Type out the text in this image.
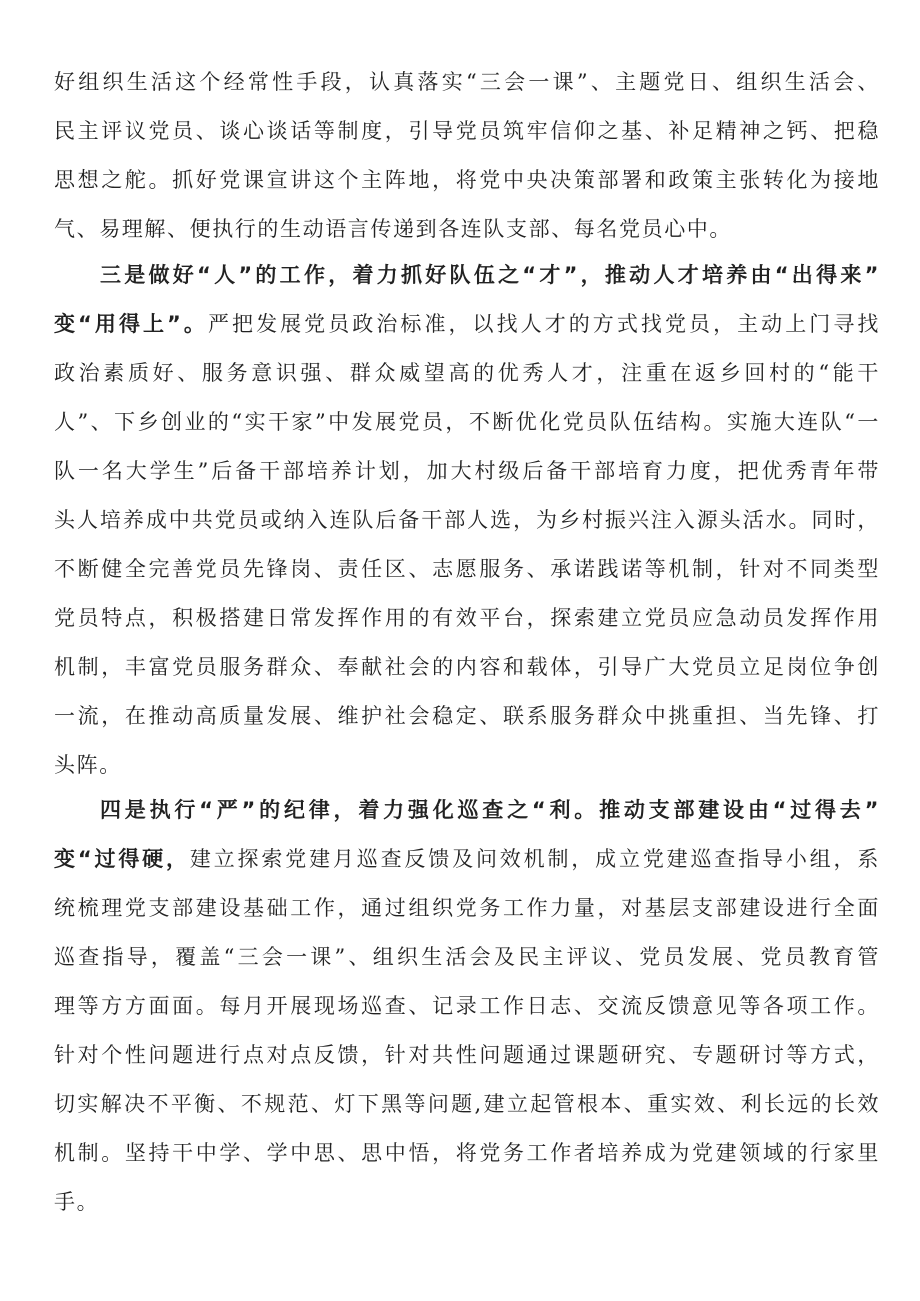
好组织生活这个经常性手段，认真落实“三会一课”、主题党日、组织生活会、
民主评议党员、谈心谈话等制度，引导党员筑牢信仰之基、补足精神之钙、把稳
思想之舵。抓好党课宣讲这个主阵地，将党中央决策部署和政策主张转化为接地
气、易理解、便执行的生动语言传递到各连队支部、每名党员心中。
三是做好“人”的工作，着力抓好队伍之“才”，推动人才培养由“出得来”
变“用得上”。严把发展党员政治标准，以找人才的方式找党员，主动上门寻找
政治素质好、服务意识强、群众威望高的优秀人才，注重在返乡回村的“能干
人”、下乡创业的“实干家”中发展党员，不断优化党员队伍结构。实施大连队“一
队一名大学生”后备干部培养计划，加大村级后备干部培育力度，把优秀青年带
头人培养成中共党员或纳入连队后备干部人选，为乡村振兴注入源头活水。同时，
不断健全完善党员先锋岗、责任区、志愿服务、承诺践诺等机制，针对不同类型
党员特点，积极搭建日常发挥作用的有效平台，探索建立党员应急动员发挥作用
机制，丰富党员服务群众、奉献社会的内容和载体，引导广大党员立足岗位争创
一流，在推动高质量发展、维护社会稳定、联系服务群众中挑重担、当先锋、打
头阵。
四是执行“严”的纪律，着力强化巡查之“利。推动支部建设由“过得去”
变“过得硬，建立探索党建月巡查反馈及问效机制，成立党建巡查指导小组，系
统梳理党支部建设基础工作，通过组织党务工作力量，对基层支部建设进行全面
巡查指导，覆盖“三会一课”、组织生活会及民主评议、党员发展、党员教育管
理等方方面面。每月开展现场巡查、记录工作日志、交流反馈意见等各项工作。
针对个性问题进行点对点反馈，针对共性问题通过课题研究、专题研讨等方式，
切实解决不平衡、不规范、灯下黑等问题,建立起管根本、重实效、利长远的长效
机制。坚持干中学、学中思、思中悟，将党务工作者培养成为党建领域的行家里
手。
